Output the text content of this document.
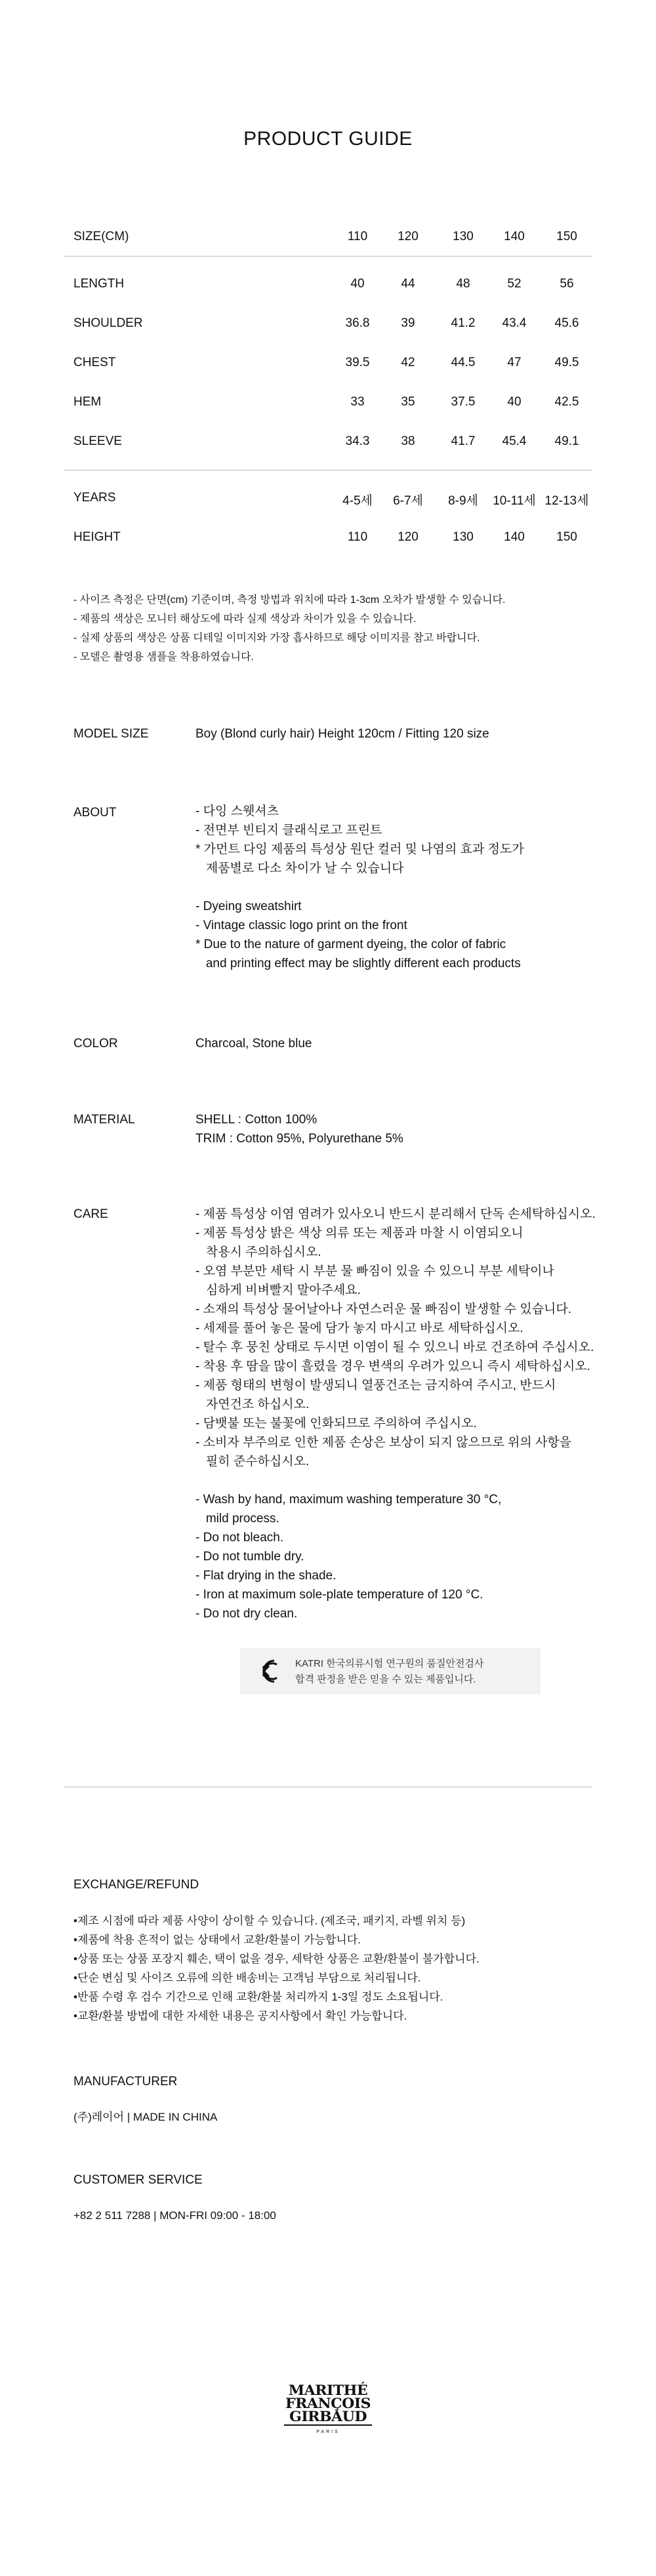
PRODUCT GUIDE
SIZE(CM)	110	120	130	140	150
LENGTH	40	44	48	52	56
SHOULDER	36.8	39	41.2	43.4	45.6
CHEST	39.5	42	44.5	47	49.5
HEM	33	35	37.5	40	42.5
SLEEVE	34.3	38	41.7	45.4	49.1
YEARS	4-5세	6-7세	8-9세	10-11세 12-13세
HEIGHT	110	120	130	140	150
- 사이즈 측정은 단면(cm) 기준이며, 측정 방법과 위치에 따라 1-3cm 오차가 발생할 수 있습니다.
- 제품의 색상은 모니터 해상도에 따라 실제 색상과 차이가 있을 수 있습니다.
- 실제 상품의 색상은 상품 디테일 이미지와 가장 흡사하므로 해당 이미지를 참고 바랍니다.
- 모델은 촬영용 샘플을 착용하였습니다.
MODEL SIZE	Boy (Blond curly hair) Height 120cm / Fitting 120 size
ABOUT	- 다잉 스웻셔츠
- 전면부 빈티지 클래식로고 프린트
* 가먼트 다잉 제품의 특성상 원단 컬러 및 나염의 효과 정도가
제품별로 다소 차이가 날 수 있습니다
- Dyeing sweatshirt
- Vintage classic logo print on the front
* Due to the nature of garment dyeing, the color of fabric
and printing effect may be slightly different each products
COLOR	Charcoal, Stone blue
MATERIAL	SHELL : Cotton 100%
TRIM : Cotton 95%, Polyurethane 5%
CARE	- 제품 특성상 이염 염려가 있사오니 반드시 분리해서 단독 손세탁하십시오.
- 제품 특성상 밝은 색상 의류 또는 제품과 마찰 시 이염되오니
착용시 주의하십시오.
- 오염 부분만 세탁 시 부분 물 빠짐이 있을 수 있으니 부분 세탁이나
심하게 비벼빨지 말아주세요.
- 소재의 특성상 물어날아나 자연스러운 물 빠짐이 발생할 수 있습니다.
- 세제를 풀어 놓은 물에 담가 놓지 마시고 바로 세탁하십시오.
- 탈수 후 뭉친 상태로 두시면 이염이 될 수 있으니 바로 건조하여 주십시오.
- 착용 후 땀을 많이 흘렸을 경우 변색의 우려가 있으니 즉시 세탁하십시오.
- 제품 형태의 변형이 발생되니 열풍건조는 금지하여 주시고, 반드시
자연건조 하십시오.
- 담뱃불 또는 불꽃에 인화되므로 주의하여 주십시오.
- 소비자 부주의로 인한 제품 손상은 보상이 되지 않으므로 위의 사항을
필히 준수하십시오.
- Wash by hand, maximum washing temperature 30 °C,
mild process.
- Do not bleach.
- Do not tumble dry.
- Flat drying in the shade.
- Iron at maximum sole-plate temperature of 120 °C.
- Do not dry clean.
KATRI 한국의류시험 연구원의 품질안전검사
합격 판정을 받은 믿을 수 있는 제품입니다.
EXCHANGE/REFUND
•제조 시점에 따라 제품 사양이 상이할 수 있습니다. (제조국, 패키지, 라벨 위치 등)
•제품에 착용 흔적이 없는 상태에서 교환/환불이 가능합니다.
•상품 또는 상품 포장지 훼손, 택이 없을 경우, 세탁한 상품은 교환/환불이 불가합니다.
•단순 변심 및 사이즈 오류에 의한 배송비는 고객님 부담으로 처리됩니다.
•반품 수령 후 검수 기간으로 인해 교환/환불 처리까지 1-3일 정도 소요됩니다.
•교환/환불 방법에 대한 자세한 내용은 공지사항에서 확인 가능합니다.
MANUFACTURER
(주)레이어 | MADE IN CHINA
CUSTOMER SERVICE
+82 2 511 7288 | MON-FRI 09:00 - 18:00
MARITHÉ
FRANÇOIS
GIRBAUD
PARIS
